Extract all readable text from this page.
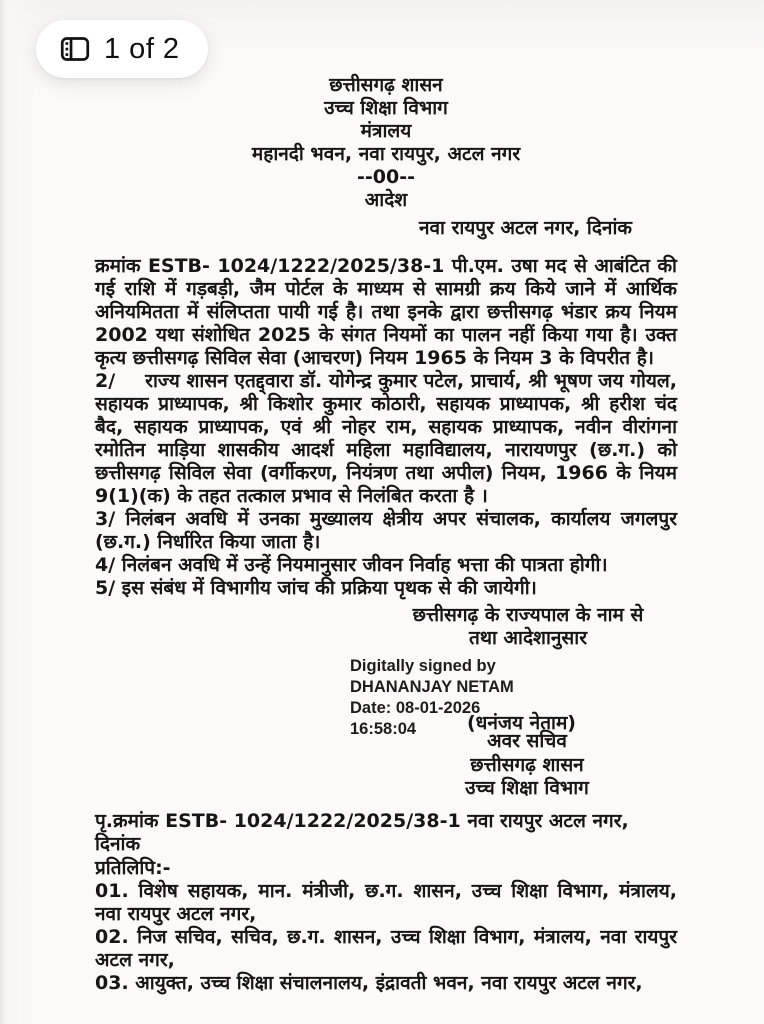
1 of 2
छत्तीसगढ़ शासन
उच्च शिक्षा विभाग
मंत्रालय
महानदी भवन, नवा रायपुर, अटल नगर
--00--
आदेश
नवा रायपुर अटल नगर, दिनांक

क्रमांक ESTB- 1024/1222/2025/38-1 पी.एम. उषा मद से आबंटित की गई राशि में गड़बड़ी, जैम पोर्टल के माध्यम से सामग्री क्रय किये जाने में आर्थिक अनियमितता में संलिप्तता पायी गई है। तथा इनके द्वारा छत्तीसगढ़ भंडार क्रय नियम 2002 यथा संशोधित 2025 के संगत नियमों का पालन नहीं किया गया है। उक्त कृत्य छत्तीसगढ़ सिविल सेवा (आचरण) नियम 1965 के नियम 3 के विपरीत है।

2/ राज्य शासन एतद्द्वारा डॉ. योगेन्द्र कुमार पटेल, प्राचार्य, श्री भूषण जय गोयल, सहायक प्राध्यापक, श्री किशोर कुमार कोठारी, सहायक प्राध्यापक, श्री हरीश चंद बैद, सहायक प्राध्यापक, एवं श्री नोहर राम, सहायक प्राध्यापक, नवीन वीरांगना रमोतिन माड़िया शासकीय आदर्श महिला महाविद्यालय, नारायणपुर (छ.ग.) को छत्तीसगढ़ सिविल सेवा (वर्गीकरण, नियंत्रण तथा अपील) नियम, 1966 के नियम 9(1)(क) के तहत तत्काल प्रभाव से निलंबित करता है ।

3/ निलंबन अवधि में उनका मुख्यालय क्षेत्रीय अपर संचालक, कार्यालय जगलपुर (छ.ग.) निर्धारित किया जाता है।

4/ निलंबन अवधि में उन्हें नियमानुसार जीवन निर्वाह भत्ता की पात्रता होगी।

5/ इस संबंध में विभागीय जांच की प्रक्रिया पृथक से की जायेगी।

छत्तीसगढ़ के राज्यपाल के नाम से
तथा आदेशानुसार
Digitally signed by
DHANANJAY NETAM
Date: 08-01-2026
16:58:04	(धनंजय नेताम)
अवर सचिव
छत्तीसगढ़ शासन
उच्च शिक्षा विभाग
पृ.क्रमांक ESTB- 1024/1222/2025/38-1 नवा रायपुर अटल नगर, दिनांक
प्रतिलिपि:-

01. विशेष सहायक, मान. मंत्रीजी, छ.ग. शासन, उच्च शिक्षा विभाग, मंत्रालय, नवा रायपुर अटल नगर,

02. निज सचिव, सचिव, छ.ग. शासन, उच्च शिक्षा विभाग, मंत्रालय, नवा रायपुर अटल नगर,

03. आयुक्त, उच्च शिक्षा संचालनालय, इंद्रावती भवन, नवा रायपुर अटल नगर,
